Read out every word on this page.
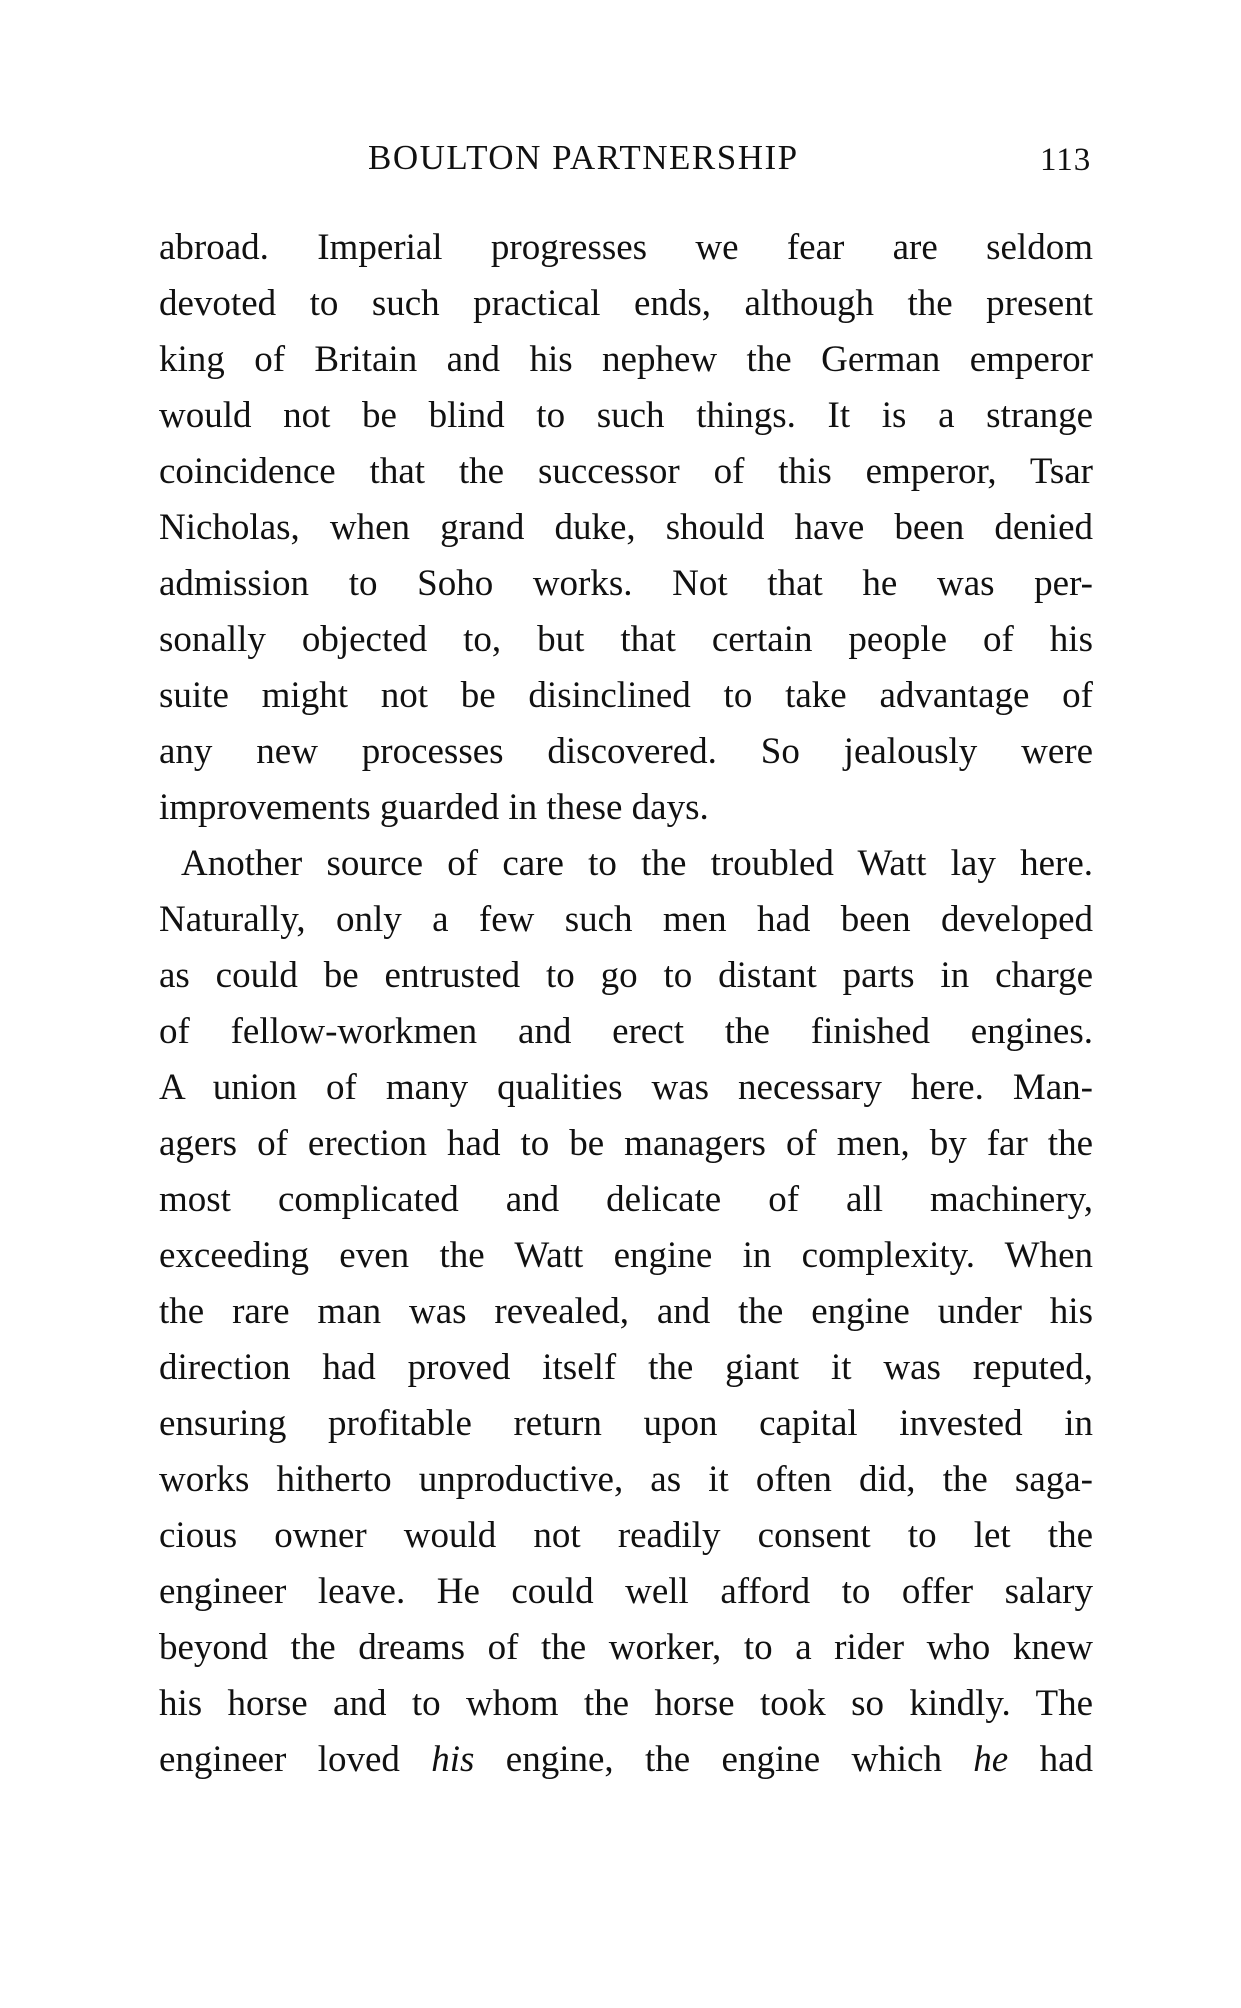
BOULTON PARTNERSHIP	113
abroad. Imperial progresses we fear are seldom
devoted to such practical ends, although the present
king of Britain and his nephew the German emperor
would not be blind to such things. It is a strange
coincidence that the successor of this emperor, Tsar
Nicholas, when grand duke, should have been denied
admission to Soho works. Not that he was per-
sonally objected to, but that certain people of his
suite might not be disinclined to take advantage of
any new processes discovered. So jealously were
improvements guarded in these days.
Another source of care to the troubled Watt lay here.
Naturally, only a few such men had been developed
as could be entrusted to go to distant parts in charge
of fellow-workmen and erect the finished engines.
A union of many qualities was necessary here. Man-
agers of erection had to be managers of men, by far the
most complicated and delicate of all machinery,
exceeding even the Watt engine in complexity. When
the rare man was revealed, and the engine under his
direction had proved itself the giant it was reputed,
ensuring profitable return upon capital invested in
works hitherto unproductive, as it often did, the saga-
cious owner would not readily consent to let the
engineer leave. He could well afford to offer salary
beyond the dreams of the worker, to a rider who knew
his horse and to whom the horse took so kindly. The
engineer loved his engine, the engine which he had
